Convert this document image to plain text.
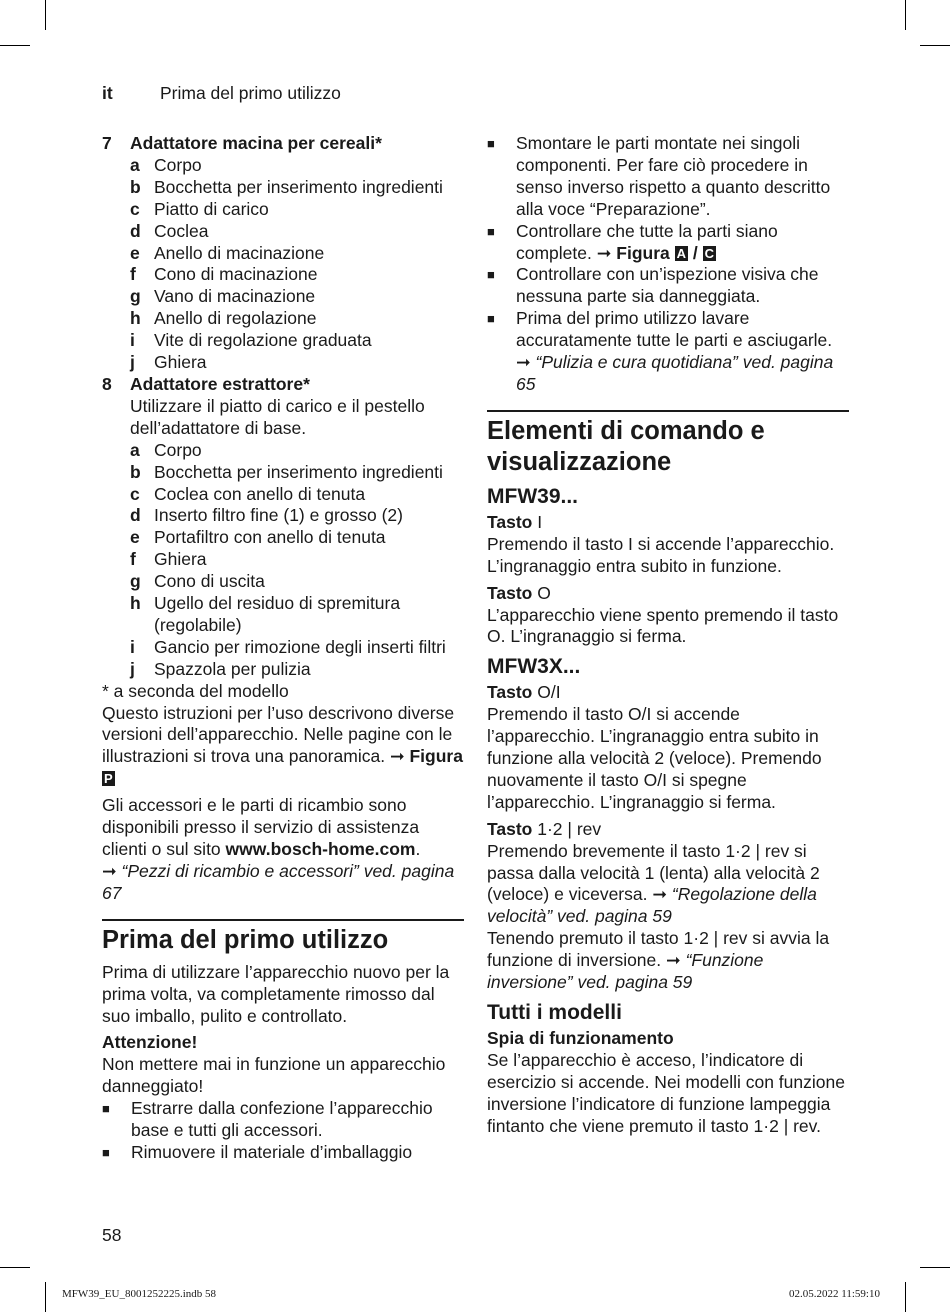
it	Prima del primo utilizzo
7 Adattatore macina per cereali*
a Corpo
b Bocchetta per inserimento ingredienti
c Piatto di carico
d Coclea
e Anello di macinazione
f Cono di macinazione
g Vano di macinazione
h Anello di regolazione
i Vite di regolazione graduata
j Ghiera
8 Adattatore estrattore*
Utilizzare il piatto di carico e il pestello dell’adattatore di base.
a Corpo
b Bocchetta per inserimento ingredienti
c Coclea con anello di tenuta
d Inserto filtro fine (1) e grosso (2)
e Portafiltro con anello di tenuta
f Ghiera
g Cono di uscita
h Ugello del residuo di spremitura (regolabile)
i Gancio per rimozione degli inserti filtri
j Spazzola per pulizia
* a seconda del modello
Questo istruzioni per l’uso descrivono diverse versioni dell’apparecchio. Nelle pagine con le illustrazioni si trova una panoramica. ➞ Figura P
Gli accessori e le parti di ricambio sono disponibili presso il servizio di assistenza clienti o sul sito www.bosch-home.com.
➞ “Pezzi di ricambio e accessori” ved. pagina 67
Prima del primo utilizzo
Prima di utilizzare l’apparecchio nuovo per la prima volta, va completamente rimosso dal suo imballo, pulito e controllato.
Attenzione!
Non mettere mai in funzione un apparecchio danneggiato!
■ Estrarre dalla confezione l’apparecchio base e tutti gli accessori.
■ Rimuovere il materiale d’imballaggio
■ Smontare le parti montate nei singoli componenti. Per fare ciò procedere in senso inverso rispetto a quanto descritto alla voce “Preparazione”.
■ Controllare che tutte la parti siano complete. ➞ Figura A / C
■ Controllare con un’ispezione visiva che nessuna parte sia danneggiata.
■ Prima del primo utilizzo lavare accuratamente tutte le parti e asciugarle.
➞ “Pulizia e cura quotidiana” ved. pagina 65
Elementi di comando e visualizzazione
MFW39...
Tasto I
Premendo il tasto I si accende l’apparecchio. L’ingranaggio entra subito in funzione.
Tasto O
L’apparecchio viene spento premendo il tasto O. L’ingranaggio si ferma.
MFW3X...
Tasto O/I
Premendo il tasto O/I si accende l’apparecchio. L’ingranaggio entra subito in funzione alla velocità 2 (veloce). Premendo nuovamente il tasto O/I si spegne l’apparecchio. L’ingranaggio si ferma.
Tasto 1·2 | rev
Premendo brevemente il tasto 1·2 | rev si passa dalla velocità 1 (lenta) alla velocità 2 (veloce) e viceversa. ➞ “Regolazione della velocità” ved. pagina 59
Tenendo premuto il tasto 1·2 | rev si avvia la funzione di inversione. ➞ “Funzione inversione” ved. pagina 59
Tutti i modelli
Spia di funzionamento
Se l’apparecchio è acceso, l’indicatore di esercizio si accende. Nei modelli con funzione inversione l’indicatore di funzione lampeggia fintanto che viene premuto il tasto 1·2 | rev.
58
MFW39_EU_8001252225.indb 58	02.05.2022 11:59:10
